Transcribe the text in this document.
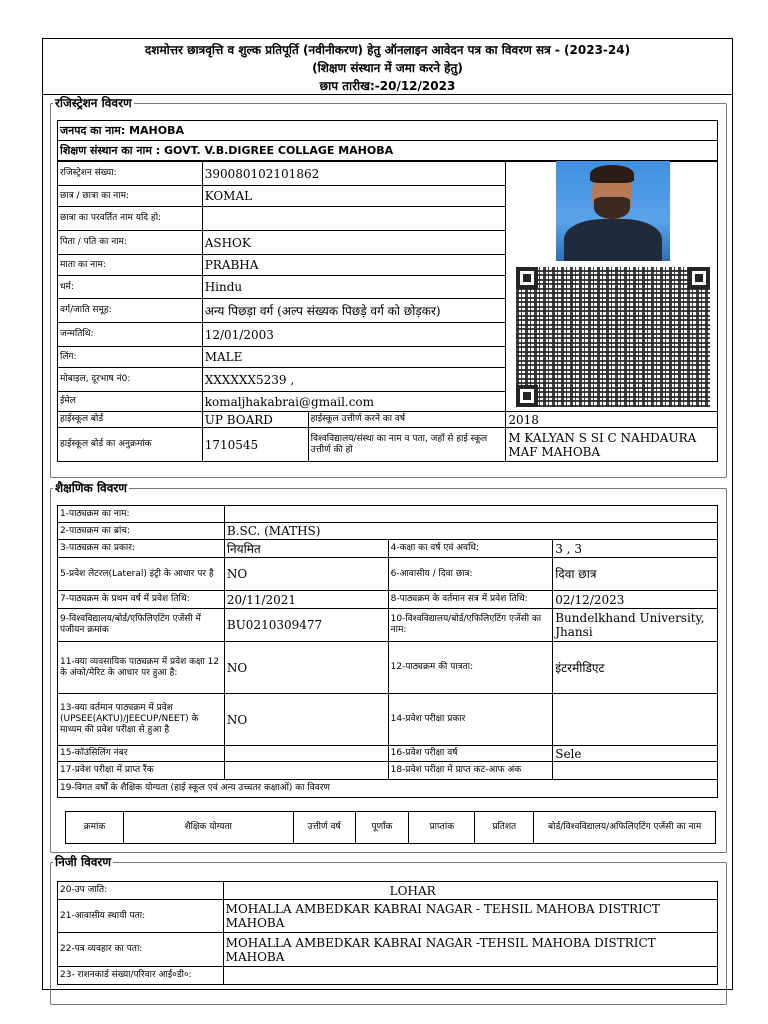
दशमोत्तर छात्रवृत्ति व शुल्क प्रतिपूर्ति (नवीनीकरण) हेतु ऑनलाइन आवेदन पत्र का विवरण सत्र - (2023-24)
(शिक्षण संस्थान में जमा करने हेतु)
छाप तारीख:-20/12/2023
रजिस्ट्रेशन विवरण
जनपद का नाम: MAHOBA
शिक्षण संस्थान का नाम : GOVT. V.B.DIGREE COLLAGE MAHOBA
रजिस्ट्रेशन संख्या:	390080102101862		
छात्र / छात्रा का नाम:	KOMAL		
छात्रा का परवर्तित नाम यदि हो:			
पिता / पति का नाम:	ASHOK		
माता का नाम:	PRABHA		
धर्म:	Hindu		
वर्ग/जाति समूह:	अन्य पिछड़ा वर्ग (अल्प संख्यक पिछड़े वर्ग को छोड़कर)		
जन्मतिथि:	12/01/2003		
लिंग:	MALE		
मोबाइल, दूरभाष नं0:	XXXXXX5239 ,		
ईमेल	komaljhakabrai@gmail.com		
हाईस्कूल बोर्ड	UP BOARD	हाईस्कूल उत्तीर्ण करने का वर्ष	2018
हाईस्कूल बोर्ड का अनुक्रमांक	1710545	विश्वविद्यालय/संस्था का नाम व पता, जहाँ से हाई स्कूल उत्तीर्ण की हो	M KALYAN S SI C NAHDAURA MAF MAHOBA
शैक्षणिक विवरण
1-पाठ्यक्रम का नाम:			
2-पाठ्यक्रम का ब्रांच:	B.SC. (MATHS)		
3-पाठ्यक्रम का प्रकार:	नियमित	4-कक्षा का वर्ष एवं अवधि:	3 , 3
5-प्रवेश लेटरल(Lateral) इंट्री के आधार पर है	NO	6-आवासीय / दिवा छात्र:	दिवा छात्र
7-पाठ्यक्रम के प्रथम वर्ष में प्रवेश तिथि:	20/11/2021	8-पाठ्यक्रम के वर्तमान सत्र में प्रवेश तिथि:	02/12/2023
9-विश्वविद्यालय/बोर्ड/एफिलिएटिंग एजेंसी में पंजीयन क्रमांक	BU0210309477	10-विश्वविद्यालय/बोर्ड/एफिलिएटिंग एजेंसी का नाम:	Bundelkhand University, Jhansi
11-क्या व्यवसायिक पाठ्यक्रम में प्रवेश कक्षा 12 के अंको/मेरिट के आधार पर हुआ है:	NO	12-पाठ्यक्रम की पात्रता:	इंटरमीडिएट
13-क्या वर्तमान पाठ्यक्रम में प्रवेश (UPSEE(AKTU)/JEECUP/NEET) के माध्यम की प्रवेश परीक्षा से हुआ है	NO	14-प्रवेश परीक्षा प्रकार	
15-कॉउंसिलिंग नंबर		16-प्रवेश परीक्षा वर्ष	Sele
17-प्रवेश परीक्षा में प्राप्त रैंक		18-प्रवेश परीक्षा में प्राप्त कट-आफ अंक	
19-विगत वर्षों के शैक्षिक योग्यता (हाई स्कूल एवं अन्य उच्चतर कक्षाओं) का विवरण			
क्रमांक	शैक्षिक योग्यता	उत्तीर्ण वर्ष	पूर्णांक	प्राप्तांक	प्रतिशत	बोर्ड/विश्वविद्यालय/अफिलिएटिंग एजेंसी का नाम
निजी विवरण
20-उप जाति:	LOHAR
21-आवासीय स्थायी पता:	MOHALLA AMBEDKAR KABRAI NAGAR - TEHSIL MAHOBA DISTRICT MAHOBA
22-पत्र व्यवहार का पता:	MOHALLA AMBEDKAR KABRAI NAGAR -TEHSIL MAHOBA DISTRICT MAHOBA
23- राशनकार्ड संख्या/परिवार आई०डी०:	
